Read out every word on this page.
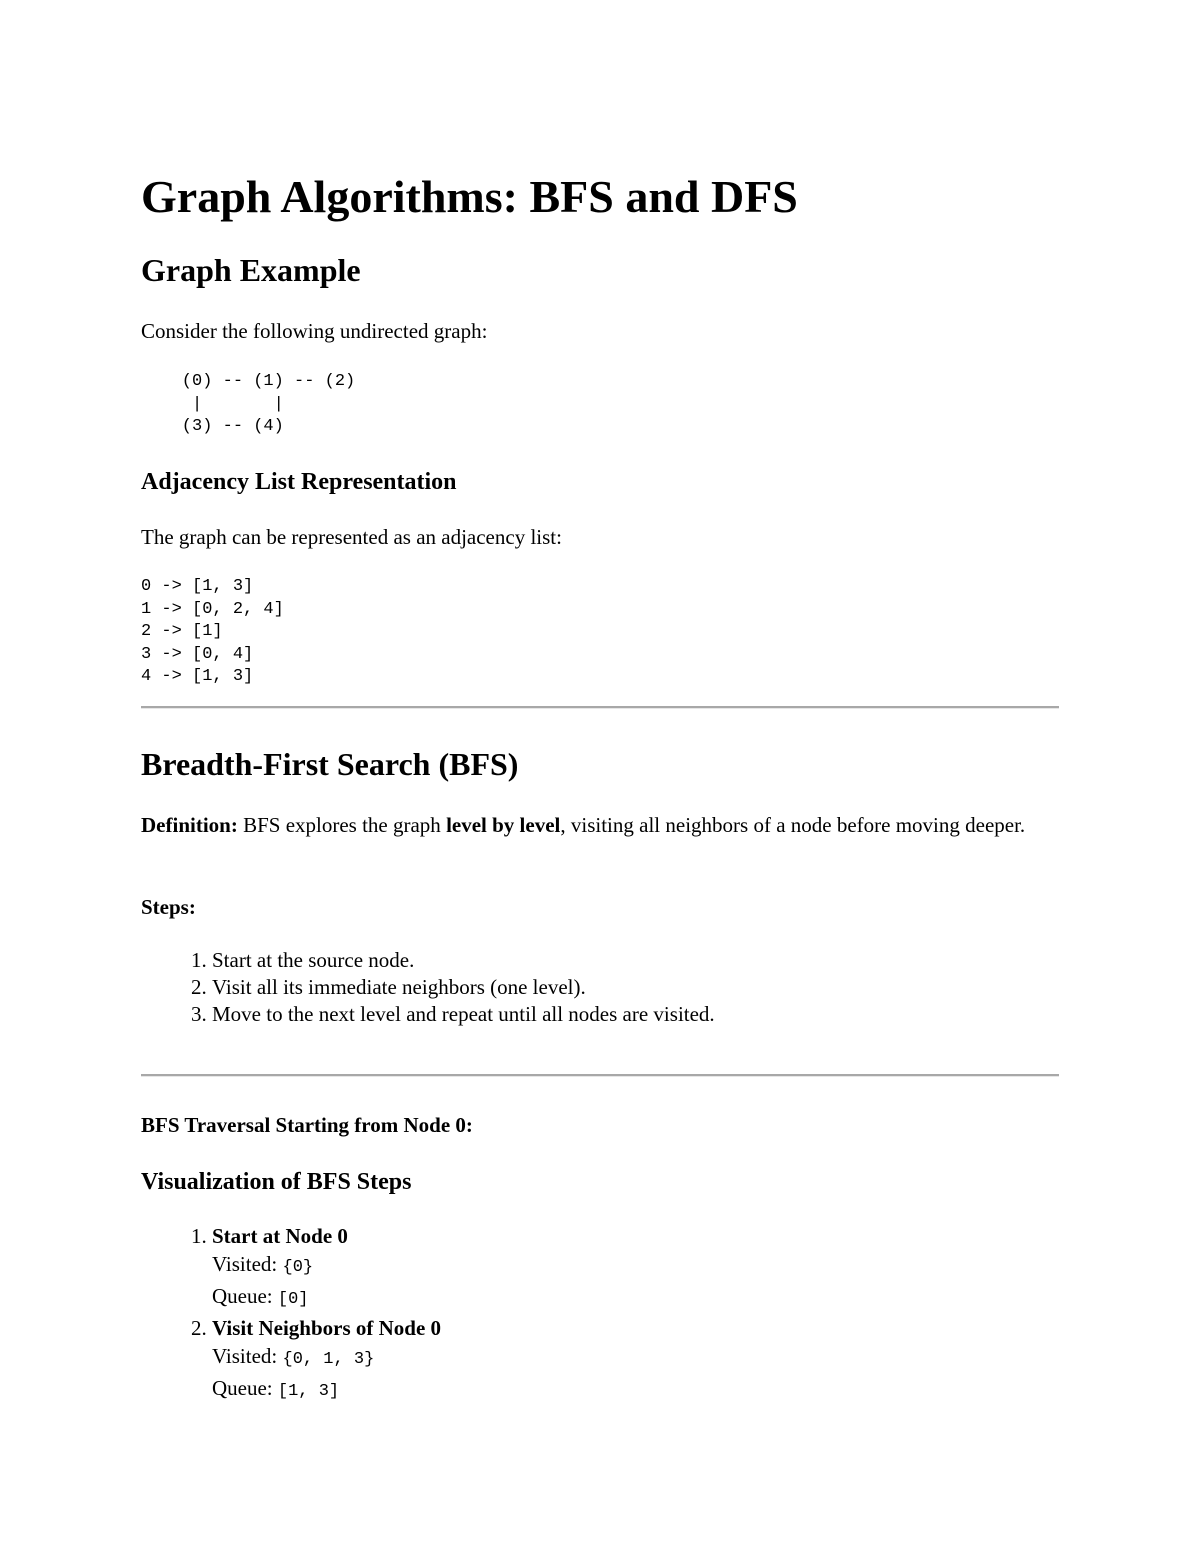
Graph Algorithms: BFS and DFS
Graph Example

Consider the following undirected graph:

(0) -- (1) -- (2)
|       |
(3) -- (4)
Adjacency List Representation

The graph can be represented as an adjacency list:

0 -> [1, 3]
1 -> [0, 2, 4]
2 -> [1]
3 -> [0, 4]
4 -> [1, 3]
Breadth-First Search (BFS)

Definition: BFS explores the graph level by level, visiting all neighbors of a node before moving deeper.

Steps:

1. Start at the source node.
2. Visit all its immediate neighbors (one level).
3. Move to the next level and repeat until all nodes are visited.

BFS Traversal Starting from Node 0:

Visualization of BFS Steps
1. Start at Node 0
Visited: {0}
Queue: [0]
2. Visit Neighbors of Node 0
Visited: {0, 1, 3}
Queue: [1, 3]
